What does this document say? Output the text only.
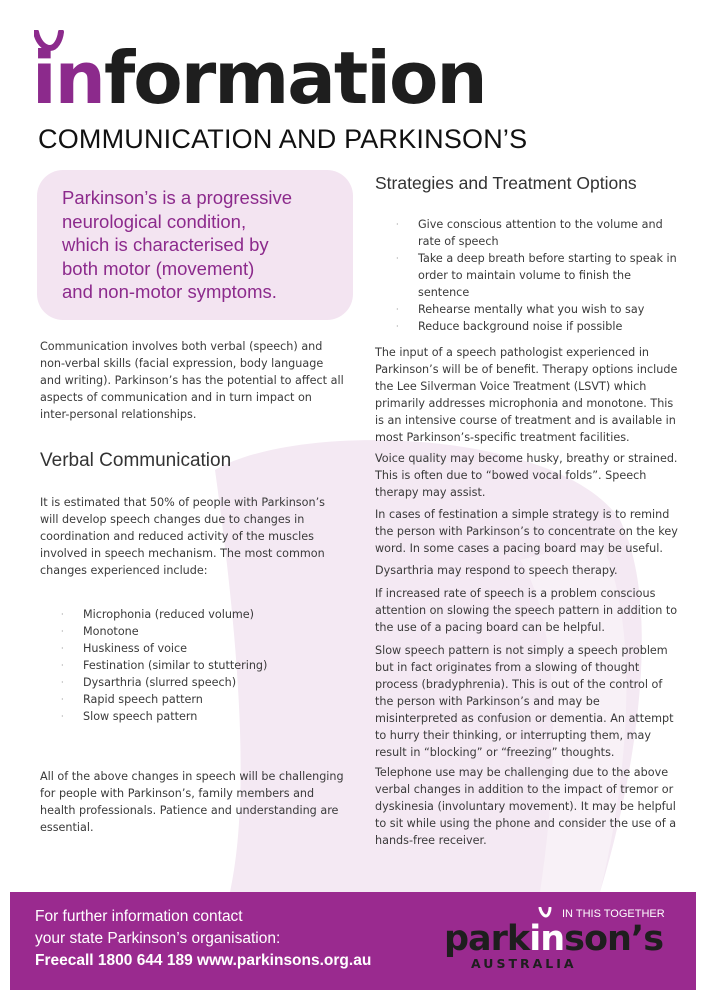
information
COMMUNICATION AND PARKINSON’S
Parkinson’s is a progressive
neurological condition,
which is characterised by
both motor (movement)
and non-motor symptoms.
Communication involves both verbal (speech) and non-verbal skills (facial expression, body language and writing). Parkinson’s has the potential to affect all aspects of communication and in turn impact on inter-personal relationships.
Verbal Communication
It is estimated that 50% of people with Parkinson’s will develop speech changes due to changes in coordination and reduced activity of the muscles involved in speech mechanism. The most common changes experienced include:
· Microphonia (reduced volume)
· Monotone
· Huskiness of voice
· Festination (similar to stuttering)
· Dysarthria (slurred speech)
· Rapid speech pattern
· Slow speech pattern
All of the above changes in speech will be challenging for people with Parkinson’s, family members and health professionals. Patience and understanding are essential.
Strategies and Treatment Options
· Give conscious attention to the volume and rate of speech
· Take a deep breath before starting to speak in order to maintain volume to finish the sentence
· Rehearse mentally what you wish to say
· Reduce background noise if possible
The input of a speech pathologist experienced in Parkinson’s will be of benefit. Therapy options include the Lee Silverman Voice Treatment (LSVT) which primarily addresses microphonia and monotone. This is an intensive course of treatment and is available in most Parkinson’s-specific treatment facilities.
Voice quality may become husky, breathy or strained. This is often due to “bowed vocal folds”. Speech therapy may assist.
In cases of festination a simple strategy is to remind the person with Parkinson’s to concentrate on the key word. In some cases a pacing board may be useful.
Dysarthria may respond to speech therapy.
If increased rate of speech is a problem conscious attention on slowing the speech pattern in addition to the use of a pacing board can be helpful.
Slow speech pattern is not simply a speech problem but in fact originates from a slowing of thought process (bradyphrenia). This is out of the control of the person with Parkinson’s and may be misinterpreted as confusion or dementia. An attempt to hurry their thinking, or interrupting them, may result in “blocking” or “freezing” thoughts.
Telephone use may be challenging due to the above verbal changes in addition to the impact of tremor or dyskinesia (involuntary movement). It may be helpful to sit while using the phone and consider the use of a hands-free receiver.
For further information contact
your state Parkinson’s organisation:
Freecall 1800 644 189 www.parkinsons.org.au
IN THIS TOGETHER
parkinson’s
AUSTRALIA
